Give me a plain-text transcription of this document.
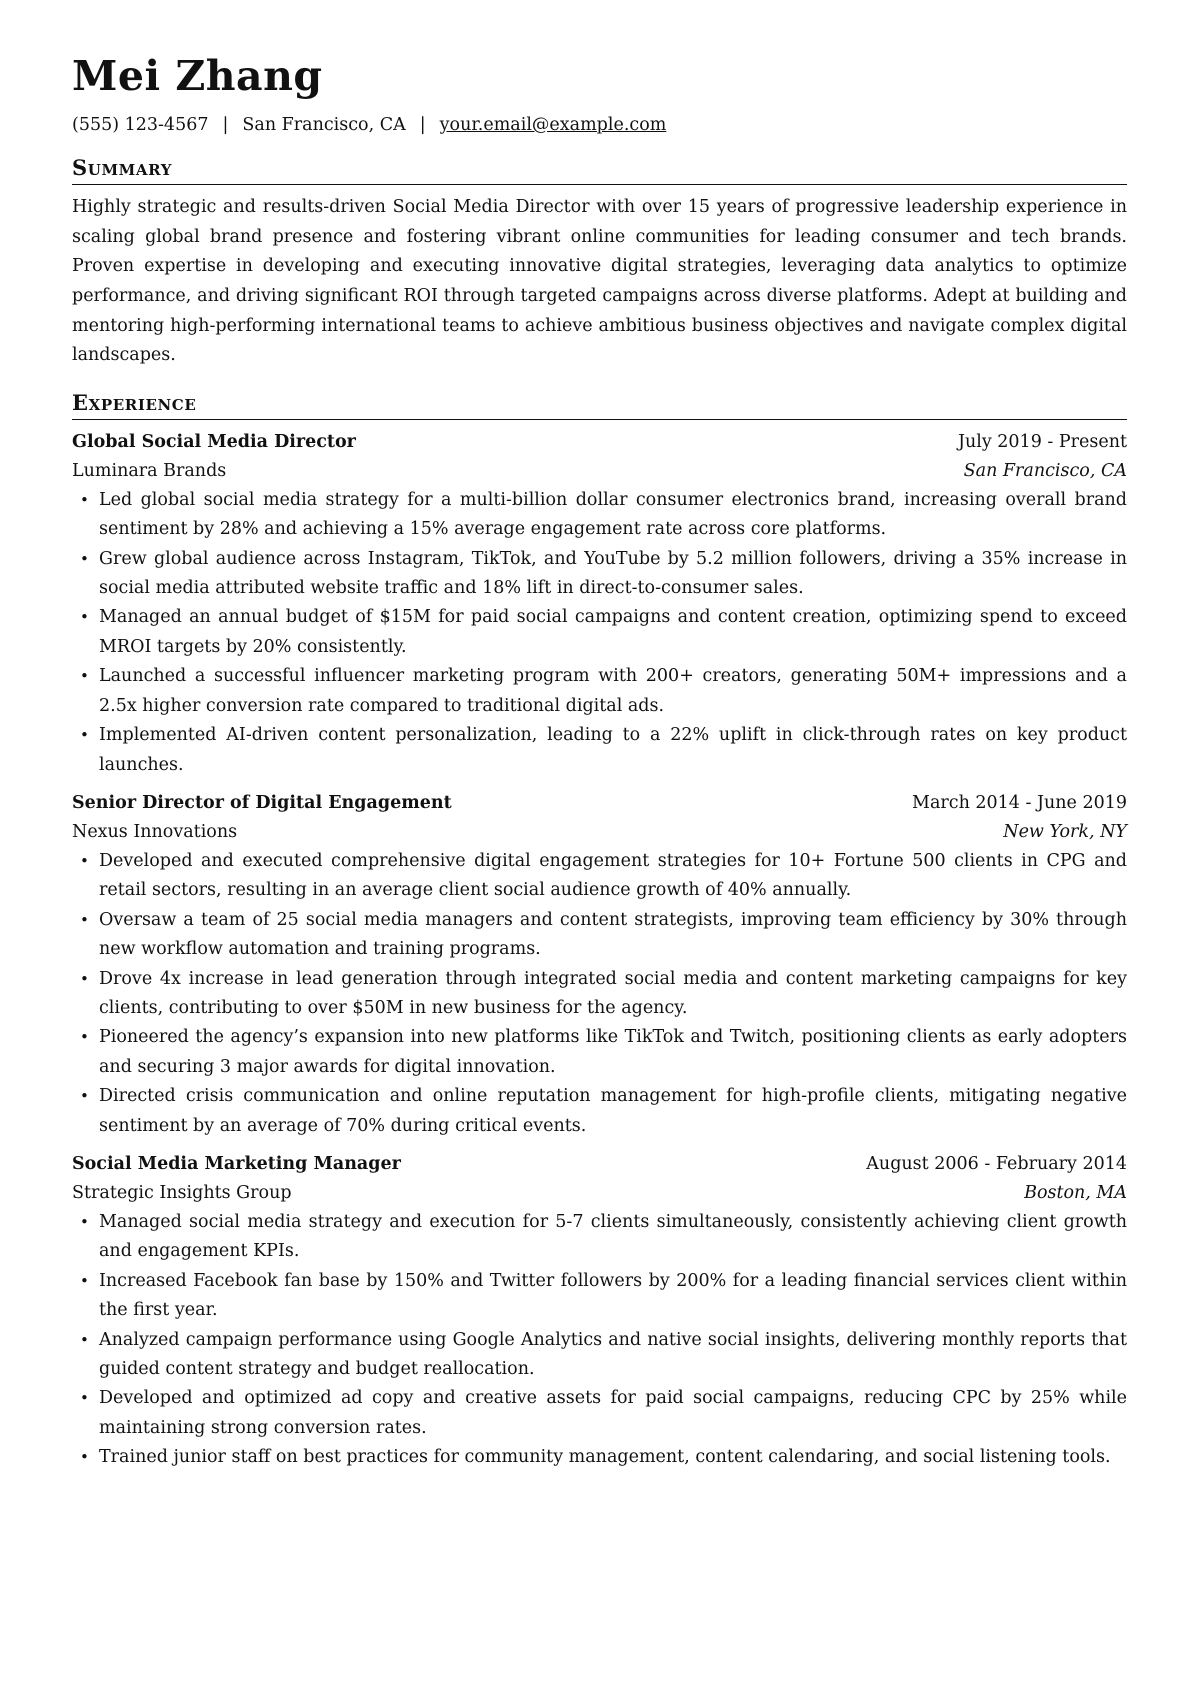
Mei Zhang
(555) 123-4567 | San Francisco, CA | your.email@example.com
Summary

Highly strategic and results-driven Social Media Director with over 15 years of progressive leadership experience in scaling global brand presence and fostering vibrant online communities for leading consumer and tech brands. Proven expertise in developing and executing innovative digital strategies, leveraging data analytics to optimize performance, and driving significant ROI through targeted campaigns across diverse platforms. Adept at building and mentoring high-performing international teams to achieve ambitious business objectives and navigate complex digital landscapes.

Experience
Global Social Media Director	July 2019 - Present
Luminara Brands	San Francisco, CA
• Led global social media strategy for a multi-billion dollar consumer electronics brand, increasing overall brand sentiment by 28% and achieving a 15% average engagement rate across core platforms.
• Grew global audience across Instagram, TikTok, and YouTube by 5.2 million followers, driving a 35% increase in social media attributed website traffic and 18% lift in direct-to-consumer sales.
• Managed an annual budget of $15M for paid social campaigns and content creation, optimizing spend to exceed MROI targets by 20% consistently.
• Launched a successful influencer marketing program with 200+ creators, generating 50M+ impressions and a 2.5x higher conversion rate compared to traditional digital ads.
• Implemented AI-driven content personalization, leading to a 22% uplift in click-through rates on key product launches.
Senior Director of Digital Engagement	March 2014 - June 2019
Nexus Innovations	New York, NY
• Developed and executed comprehensive digital engagement strategies for 10+ Fortune 500 clients in CPG and retail sectors, resulting in an average client social audience growth of 40% annually.
• Oversaw a team of 25 social media managers and content strategists, improving team efficiency by 30% through new workflow automation and training programs.
• Drove 4x increase in lead generation through integrated social media and content marketing campaigns for key clients, contributing to over $50M in new business for the agency.
• Pioneered the agency’s expansion into new platforms like TikTok and Twitch, positioning clients as early adopters and securing 3 major awards for digital innovation.
• Directed crisis communication and online reputation management for high-profile clients, mitigating negative sentiment by an average of 70% during critical events.
Social Media Marketing Manager	August 2006 - February 2014
Strategic Insights Group	Boston, MA
• Managed social media strategy and execution for 5-7 clients simultaneously, consistently achieving client growth and engagement KPIs.
• Increased Facebook fan base by 150% and Twitter followers by 200% for a leading financial services client within the first year.
• Analyzed campaign performance using Google Analytics and native social insights, delivering monthly reports that guided content strategy and budget reallocation.
• Developed and optimized ad copy and creative assets for paid social campaigns, reducing CPC by 25% while maintaining strong conversion rates.
• Trained junior staff on best practices for community management, content calendaring, and social listening tools.
